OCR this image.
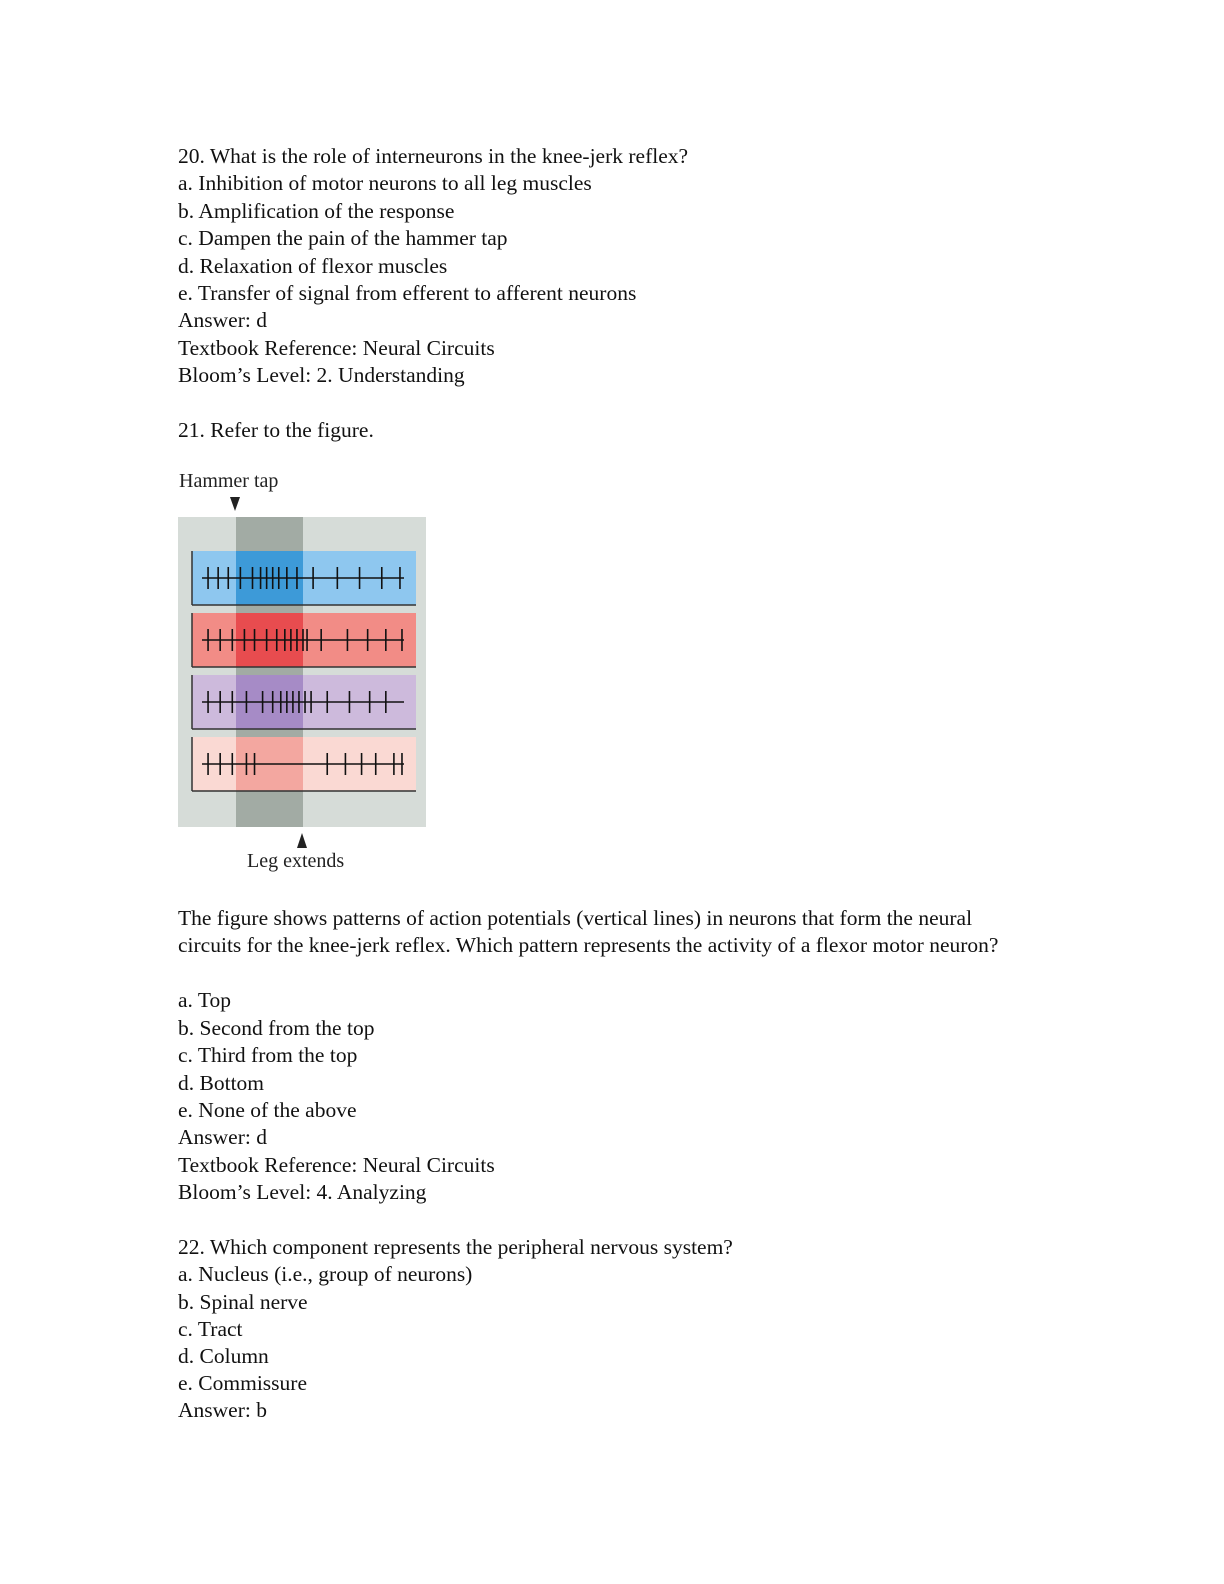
20. What is the role of interneurons in the knee-jerk reflex?
a. Inhibition of motor neurons to all leg muscles
b. Amplification of the response
c. Dampen the pain of the hammer tap
d. Relaxation of flexor muscles
e. Transfer of signal from efferent to afferent neurons
Answer: d
Textbook Reference: Neural Circuits
Bloom’s Level: 2. Understanding
21. Refer to the figure.
Hammer tap
Leg extends
The figure shows patterns of action potentials (vertical lines) in neurons that form the neural circuits for the knee-jerk reflex. Which pattern represents the activity of a flexor motor neuron?
a. Top
b. Second from the top
c. Third from the top
d. Bottom
e. None of the above
Answer: d
Textbook Reference: Neural Circuits
Bloom’s Level: 4. Analyzing
22. Which component represents the peripheral nervous system?
a. Nucleus (i.e., group of neurons)
b. Spinal nerve
c. Tract
d. Column
e. Commissure
Answer: b
